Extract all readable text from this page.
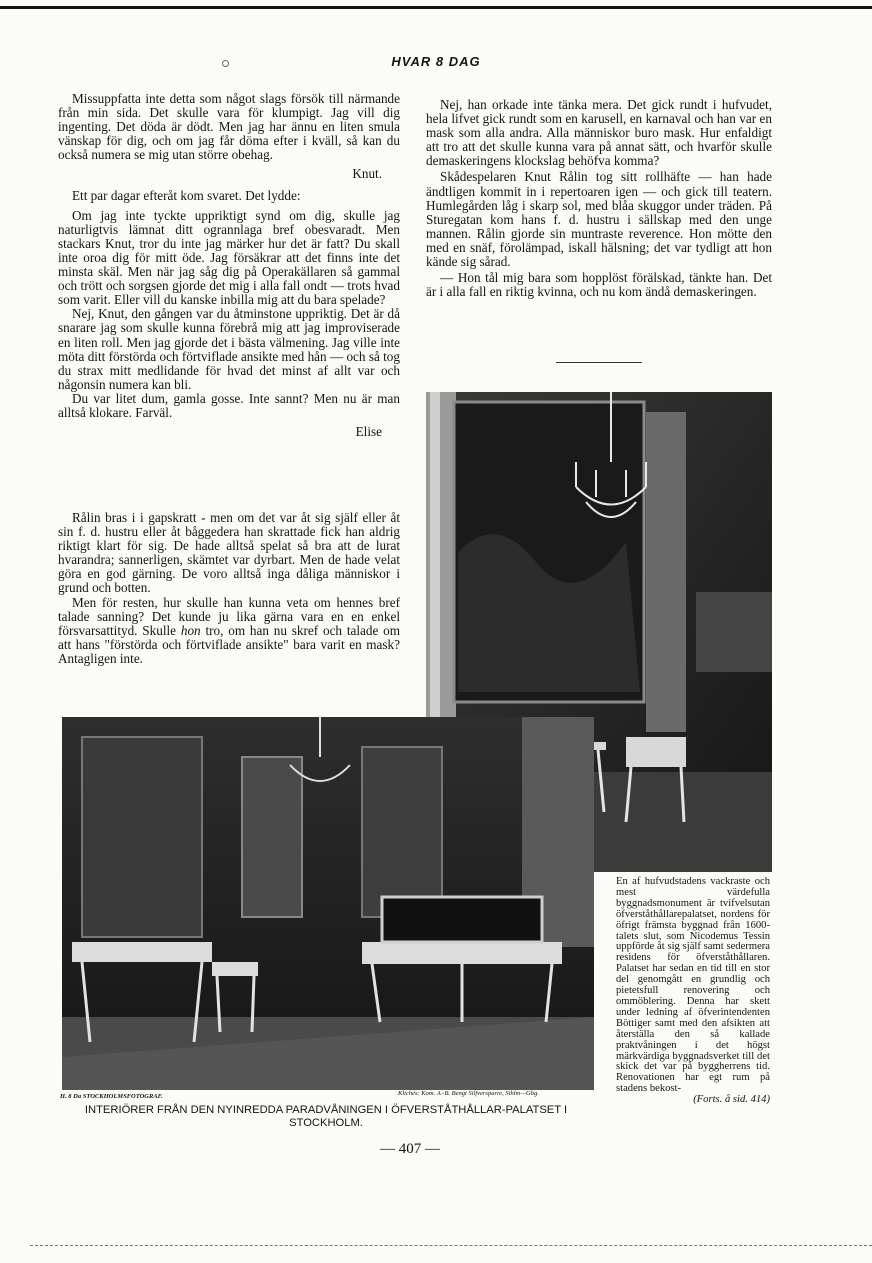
HVAR 8 DAG

Missuppfatta inte detta som något slags försök till närmande från min sida. Det skulle vara för klumpigt. Jag vill dig ingenting. Det döda är dödt. Men jag har ännu en liten smula vänskap för dig, och om jag får döma efter i kväll, så kan du också numera se mig utan större obehag.

Knut.

Ett par dagar efteråt kom svaret. Det lydde:

Om jag inte tyckte uppriktigt synd om dig, skulle jag naturligtvis lämnat ditt ogrannlaga bref obesvaradt. Men stackars Knut, tror du inte jag märker hur det är fatt? Du skall inte oroa dig för mitt öde. Jag försäkrar att det finns inte det minsta skäl. Men när jag såg dig på Operakällaren så gammal och trött och sorgsen gjorde det mig i alla fall ondt — trots hvad som varit. Eller vill du kanske inbilla mig att du bara spelade?

Nej, Knut, den gången var du åtminstone uppriktig. Det är då snarare jag som skulle kunna förebrå mig att jag improviserade en liten roll. Men jag gjorde det i bästa välmening. Jag ville inte möta ditt förstörda och förtviflade ansikte med hån — och så tog du strax mitt medlidande för hvad det minst af allt var och någonsin numera kan bli.

Du var litet dum, gamla gosse. Inte sannt? Men nu är man alltså klokare. Farväl.

Elise

Rålin bras i i gapskratt - men om det var åt sig själf eller åt sin f. d. hustru eller åt båggedera han skrattade fick han aldrig riktigt klart för sig. De hade alltså spelat så bra att de lurat hvarandra; sannerligen, skämtet var dyrbart. Men de hade velat göra en god gärning. De voro alltså inga dåliga människor i grund och botten.

Men för resten, hur skulle han kunna veta om hennes bref talade sanning? Det kunde ju lika gärna vara en en enkel försvarsattityd. Skulle hon tro, om han nu skref och talade om att hans "förstörda och förtviflade ansikte" bara varit en mask? Antagligen inte.

Nej, han orkade inte tänka mera. Det gick rundt i hufvudet, hela lifvet gick rundt som en karusell, en karnaval och han var en mask som alla andra. Alla människor buro mask. Hur enfaldigt att tro att det skulle kunna vara på annat sätt, och hvarför skulle demaskeringens klockslag behöfva komma?

Skådespelaren Knut Rålin tog sitt rollhäfte — han hade ändtligen kommit in i repertoaren igen — och gick till teatern. Humlegården låg i skarp sol, med blåa skuggor under träden. På Sturegatan kom hans f. d. hustru i sällskap med den unge mannen. Rålin gjorde sin muntraste reverence. Hon mötte den med en snäf, förolämpad, iskall hälsning; det var tydligt att hon kände sig sårad.

— Hon tål mig bara som hopplöst förälskad, tänkte han. Det är i alla fall en riktig kvinna, och nu kom ändå demaskeringen.

En af hufvudstadens vackraste och mest värdefulla byggnadsmonument är tvifvelsutan öfverståthållarepalatset, nordens för öfrigt främsta byggnad från 1600-talets slut, som Nicodemus Tessin uppförde åt sig själf samt sedermera residens för öfverståthållaren. Palatset har sedan en tid till en stor del genomgått en grundlig och pietetsfull renovering och ommöblering. Denna har skett under ledning af öfverintendenten Böttiger samt med den afsikten att återställa den så kallade praktvåningen i det högst märkvärdiga byggnadsverket till det skick det var på byggherrens tid. Renovationen har egt rum på stadens bekost-
(Forts. å sid. 414)
H. 8 Da STOCKHOLMSFOTOGRAF.	Klichés: Kom. A.-B. Bengt Silfversparre, Sthlm—Gbg.
INTERIÖRER FRÅN DEN NYINREDDA PARADVÅNINGEN I ÖFVERSTÅTHÅLLAR-PALATSET I STOCKHOLM.
— 407 —
